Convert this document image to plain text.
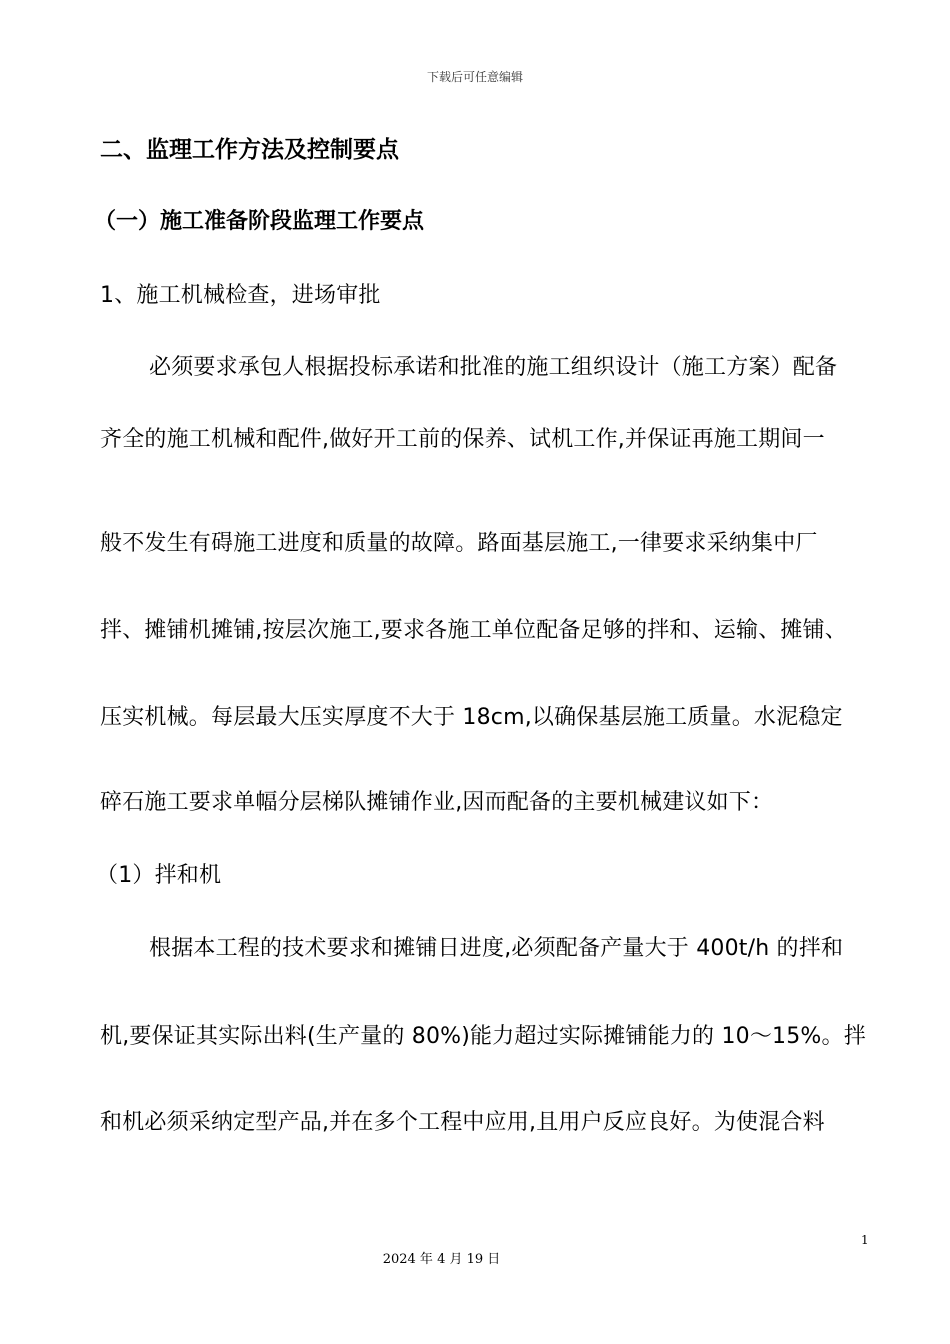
下载后可任意编辑
二、监理工作方法及控制要点
（一）施工准备阶段监理工作要点
1、施工机械检查，进场审批
必须要求承包人根据投标承诺和批准的施工组织设计（施工方案）配备
齐全的施工机械和配件,做好开工前的保养、试机工作,并保证再施工期间一
般不发生有碍施工进度和质量的故障。路面基层施工,一律要求采纳集中厂
拌、摊铺机摊铺,按层次施工,要求各施工单位配备足够的拌和、运输、摊铺、
压实机械。每层最大压实厚度不大于 18cm,以确保基层施工质量。水泥稳定
碎石施工要求单幅分层梯队摊铺作业,因而配备的主要机械建议如下：
（1）拌和机
根据本工程的技术要求和摊铺日进度,必须配备产量大于 400t/h 的拌和
机,要保证其实际出料(生产量的 80%)能力超过实际摊铺能力的 10～15%。拌
和机必须采纳定型产品,并在多个工程中应用,且用户反应良好。为使混合料
1
2024 年 4 月 19 日
